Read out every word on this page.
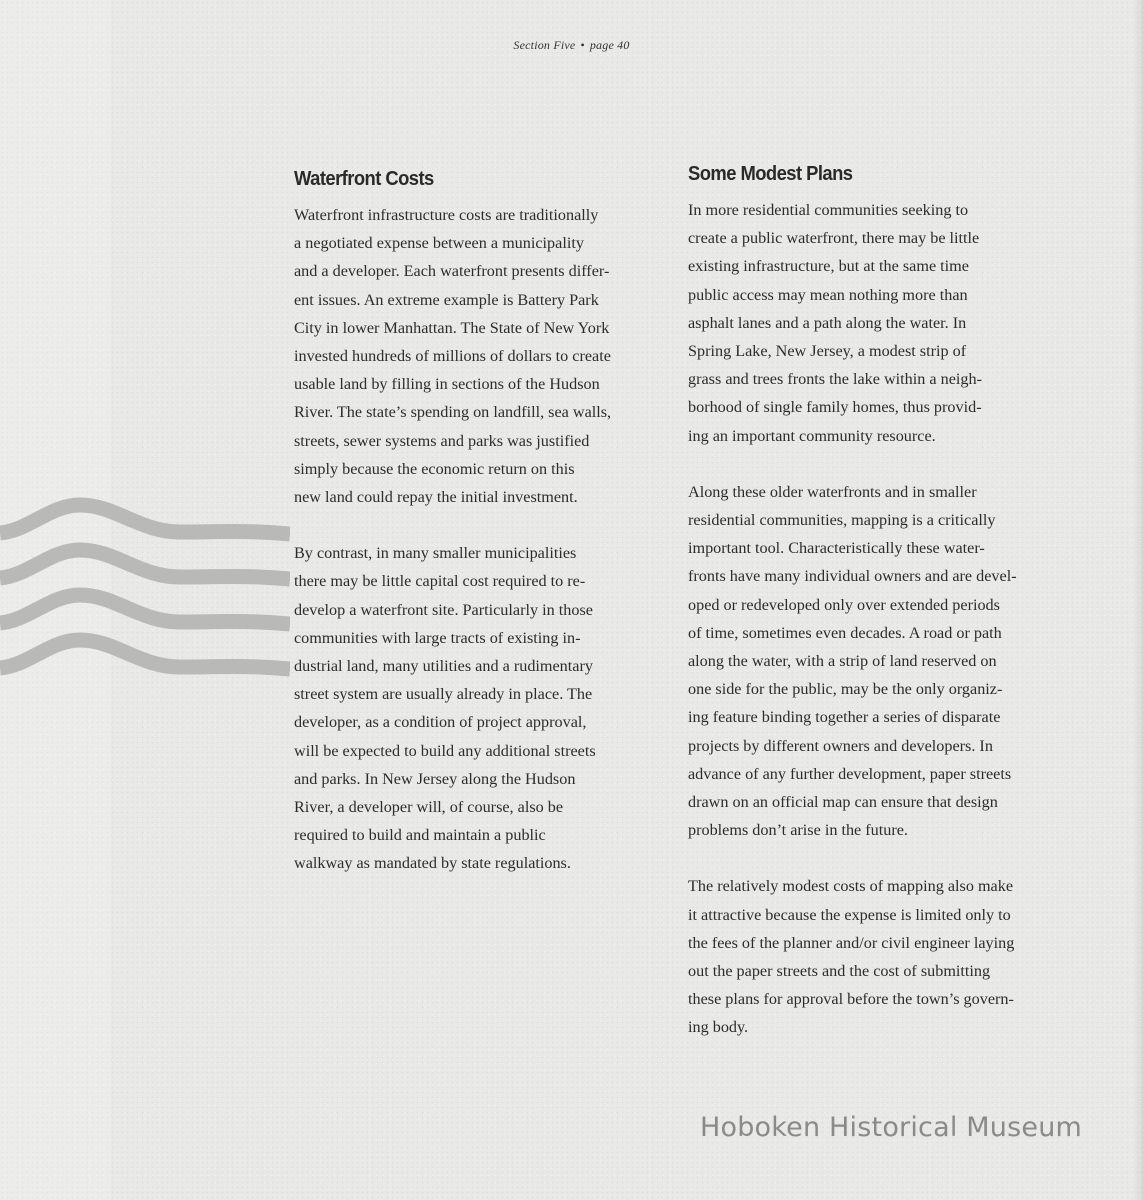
Section Five • page 40
Waterfront Costs
Waterfront infrastructure costs are traditionally
a negotiated expense between a municipality
and a developer. Each waterfront presents differ-
ent issues. An extreme example is Battery Park
City in lower Manhattan. The State of New York
invested hundreds of millions of dollars to create
usable land by filling in sections of the Hudson
River. The state’s spending on landfill, sea walls,
streets, sewer systems and parks was justified
simply because the economic return on this
new land could repay the initial investment.
By contrast, in many smaller municipalities
there may be little capital cost required to re-
develop a waterfront site. Particularly in those
communities with large tracts of existing in-
dustrial land, many utilities and a rudimentary
street system are usually already in place. The
developer, as a condition of project approval,
will be expected to build any additional streets
and parks. In New Jersey along the Hudson
River, a developer will, of course, also be
required to build and maintain a public
walkway as mandated by state regulations.
Some Modest Plans
In more residential communities seeking to
create a public waterfront, there may be little
existing infrastructure, but at the same time
public access may mean nothing more than
asphalt lanes and a path along the water. In
Spring Lake, New Jersey, a modest strip of
grass and trees fronts the lake within a neigh-
borhood of single family homes, thus provid-
ing an important community resource.
Along these older waterfronts and in smaller
residential communities, mapping is a critically
important tool. Characteristically these water-
fronts have many individual owners and are devel-
oped or redeveloped only over extended periods
of time, sometimes even decades. A road or path
along the water, with a strip of land reserved on
one side for the public, may be the only organiz-
ing feature binding together a series of disparate
projects by different owners and developers. In
advance of any further development, paper streets
drawn on an official map can ensure that design
problems don’t arise in the future.
The relatively modest costs of mapping also make
it attractive because the expense is limited only to
the fees of the planner and/or civil engineer laying
out the paper streets and the cost of submitting
these plans for approval before the town’s govern-
ing body.
Hoboken Historical Museum
